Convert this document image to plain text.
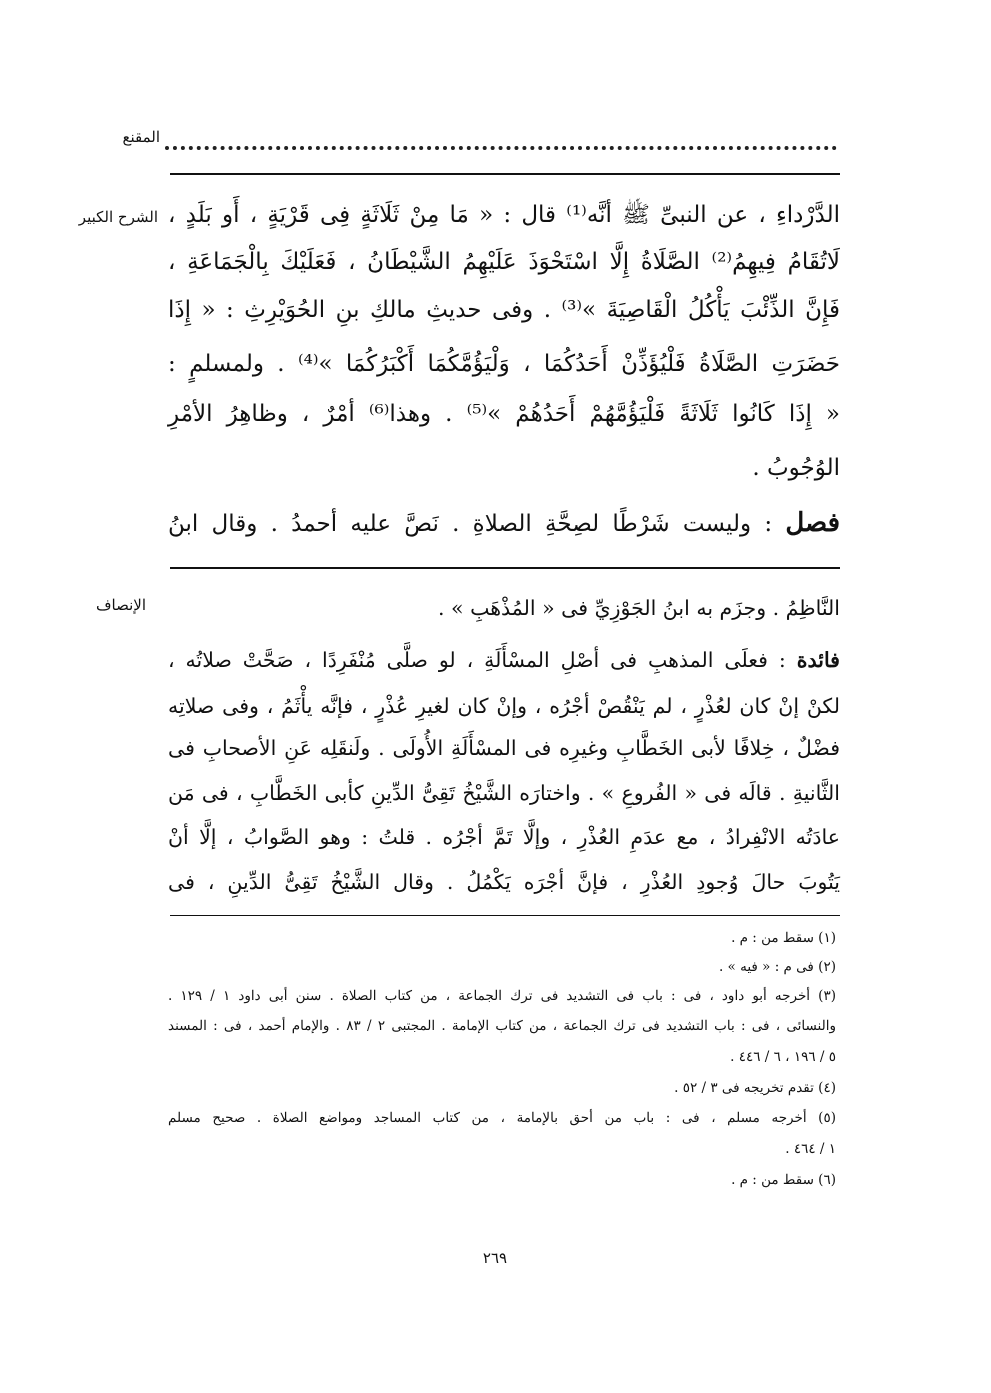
المقنع
الشرح الكبير الدَّرْداءِ ، عن النبىِّ ﷺ أنَّه⁽¹⁾ قال : « مَا مِنْ ثَلَاثَةٍ فِى قَرْيَةٍ ، أَو بَلَدٍ ،
لَاتُقَامُ فِيهِمُ⁽²⁾ الصَّلَاةُ إِلَّا اسْتَحْوَذَ عَلَيْهِمُ الشَّيْطَانُ ، فَعَلَيْكَ بِالْجَمَاعَةِ ،
فَإِنَّ الذِّئْبَ يَأْكُلُ الْقَاصِيَةَ »⁽³⁾ . وفى حديثِ مالكِ بنِ الحُوَيْرِثِ : « إِذَا
حَضَرَتِ الصَّلَاةُ فَلْيُؤَذِّنْ أَحَدُكُمَا ، وَلْيَؤُمَّكُمَا أَكْبَرُكُمَا »⁽⁴⁾ . ولمسلمٍ :
« إِذَا كَانُوا ثَلَاثَةً فَلْيَؤُمَّهُمْ أَحَدُهُمْ »⁽⁵⁾ . وهذا⁽⁶⁾ أمْرٌ ، وظاهِرُ الأمْرِ
الوُجُوبُ .
فصل : وليست شَرْطًا لصِحَّةِ الصلاةِ . نَصَّ عليه أحمدُ . وقال ابنُ
الإنصاف	النَّاظِمُ . وجزَم به ابنُ الجَوْزِيِّ فى « المُذْهَبِ » .
فائدة : فعلَى المذهبِ فى أصْلِ المسْأَلَةِ ، لو صلَّى مُنْفَرِدًا ، صَحَّتْ صلاتُه ،
لكنْ إنْ كان لعُذْرٍ ، لم يَنْقُصْ أجْرُه ، وإنْ كان لغيرِ عُذْرٍ ، فإنَّه يأْثَمُ ، وفى صلاتِه
فضْلٌ ، خِلافًا لأبى الخَطَّابِ وغيرِه فى المسْأَلَةِ الأُولَى . ولَنقَلِه عَنِ الأصحابِ فى
الثَّانيةِ . قالَه فى « الفُروعِ » . واختارَه الشَّيْخُ تَقِىُّ الدِّينِ كأبى الخَطَّابِ ، فى مَن
عادَتُه الانْفِرادُ ، مع عدَمِ العُذْرِ ، وإلَّا تَمَّ أجْرُه . قلتُ : وهو الصَّوابُ ، إلَّا أنْ
يَتُوبَ حالَ وُجودِ العُذْرِ ، فإنَّ أجْرَه يَكْمُلُ . وقال الشَّيْخُ تَقِىُّ الدِّينِ ، فى
(١) سقط من : م .
(٢) فى م : « فيه » .
(٣) أخرجه أبو داود ، فى : باب فى التشديد فى ترك الجماعة ، من كتاب الصلاة . سنن أبى داود ١ / ١٢٩ .
والنسائى ، فى : باب التشديد فى ترك الجماعة ، من كتاب الإمامة . المجتبى ٢ / ٨٣ . والإمام أحمد ، فى : المسند
٥ / ١٩٦ ، ٦ / ٤٤٦ .
(٤) تقدم تخريجه فى ٣ / ٥٢ .
(٥) أخرجه مسلم ، فى : باب من أحق بالإمامة ، من كتاب المساجد ومواضع الصلاة . صحيح مسلم
١ / ٤٦٤ .
(٦) سقط من : م .
٢٦٩
